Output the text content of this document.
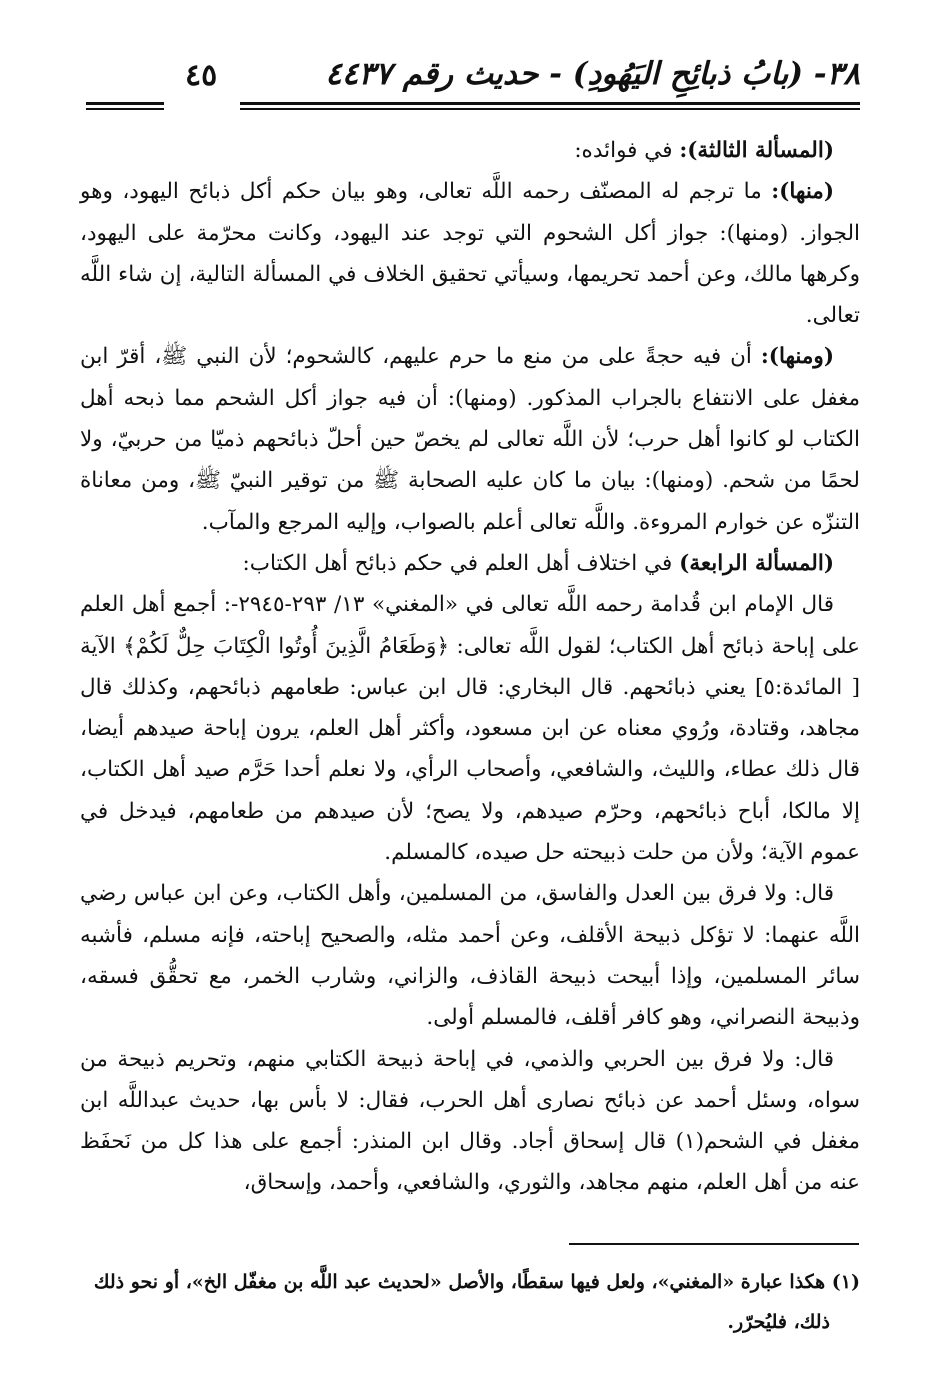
٣٨- (بابُ ذبائِحِ اليَهُودِ) - حديث رقم ٤٤٣٧
٤٥

(المسألة الثالثة): في فوائده:

(منها): ما ترجم له المصنّف رحمه اللَّه تعالى، وهو بيان حكم أكل ذبائح اليهود، وهو الجواز. (ومنها): جواز أكل الشحوم التي توجد عند اليهود، وكانت محرّمة على اليهود، وكرهها مالك، وعن أحمد تحريمها، وسيأتي تحقيق الخلاف في المسألة التالية، إن شاء اللَّه تعالى.

(ومنها): أن فيه حجةً على من منع ما حرم عليهم، كالشحوم؛ لأن النبي ﷺ، أقرّ ابن مغفل على الانتفاع بالجراب المذكور. (ومنها): أن فيه جواز أكل الشحم مما ذبحه أهل الكتاب لو كانوا أهل حرب؛ لأن اللَّه تعالى لم يخصّ حين أحلّ ذبائحهم ذميّا من حربيّ، ولا لحمًا من شحم. (ومنها): بيان ما كان عليه الصحابة ﷺ من توقير النبيّ ﷺ، ومن معاناة التنزّه عن خوارم المروءة. واللَّه تعالى أعلم بالصواب، وإليه المرجع والمآب.

(المسألة الرابعة) في اختلاف أهل العلم في حكم ذبائح أهل الكتاب:

قال الإمام ابن قُدامة رحمه اللَّه تعالى في «المغني» ١٣/ ٢٩٣-٢٩٤٥-: أجمع أهل العلم على إباحة ذبائح أهل الكتاب؛ لقول اللَّه تعالى: ﴿وَطَعَامُ الَّذِينَ أُوتُوا الْكِتَابَ حِلٌّ لَكُمْ﴾ الآية [ المائدة:٥] يعني ذبائحهم. قال البخاري: قال ابن عباس: طعامهم ذبائحهم، وكذلك قال مجاهد، وقتادة، ورُوي معناه عن ابن مسعود، وأكثر أهل العلم، يرون إباحة صيدهم أيضا، قال ذلك عطاء، والليث، والشافعي، وأصحاب الرأي، ولا نعلم أحدا حَرَّم صيد أهل الكتاب، إلا مالكا، أباح ذبائحهم، وحرّم صيدهم، ولا يصح؛ لأن صيدهم من طعامهم، فيدخل في عموم الآية؛ ولأن من حلت ذبيحته حل صيده، كالمسلم.

قال: ولا فرق بين العدل والفاسق، من المسلمين، وأهل الكتاب، وعن ابن عباس رضي اللَّه عنهما: لا تؤكل ذبيحة الأقلف، وعن أحمد مثله، والصحيح إباحته، فإنه مسلم، فأشبه سائر المسلمين، وإذا أبيحت ذبيحة القاذف، والزاني، وشارب الخمر، مع تحقُّق فسقه، وذبيحة النصراني، وهو كافر أقلف، فالمسلم أولى.

قال: ولا فرق بين الحربي والذمي، في إباحة ذبيحة الكتابي منهم، وتحريم ذبيحة من سواه، وسئل أحمد عن ذبائح نصارى أهل الحرب، فقال: لا بأس بها، حديث عبداللَّه ابن مغفل في الشحم(١) قال إسحاق أجاد. وقال ابن المنذر: أجمع على هذا كل من نَحفَظ عنه من أهل العلم، منهم مجاهد، والثوري، والشافعي، وأحمد، وإسحاق،

(١) هكذا عبارة «المغني»، ولعل فيها سقطًا، والأصل «لحديث عبد اللَّه بن مغفّل الخ»، أو نحو ذلك

ذلك، فليُحرّر.
